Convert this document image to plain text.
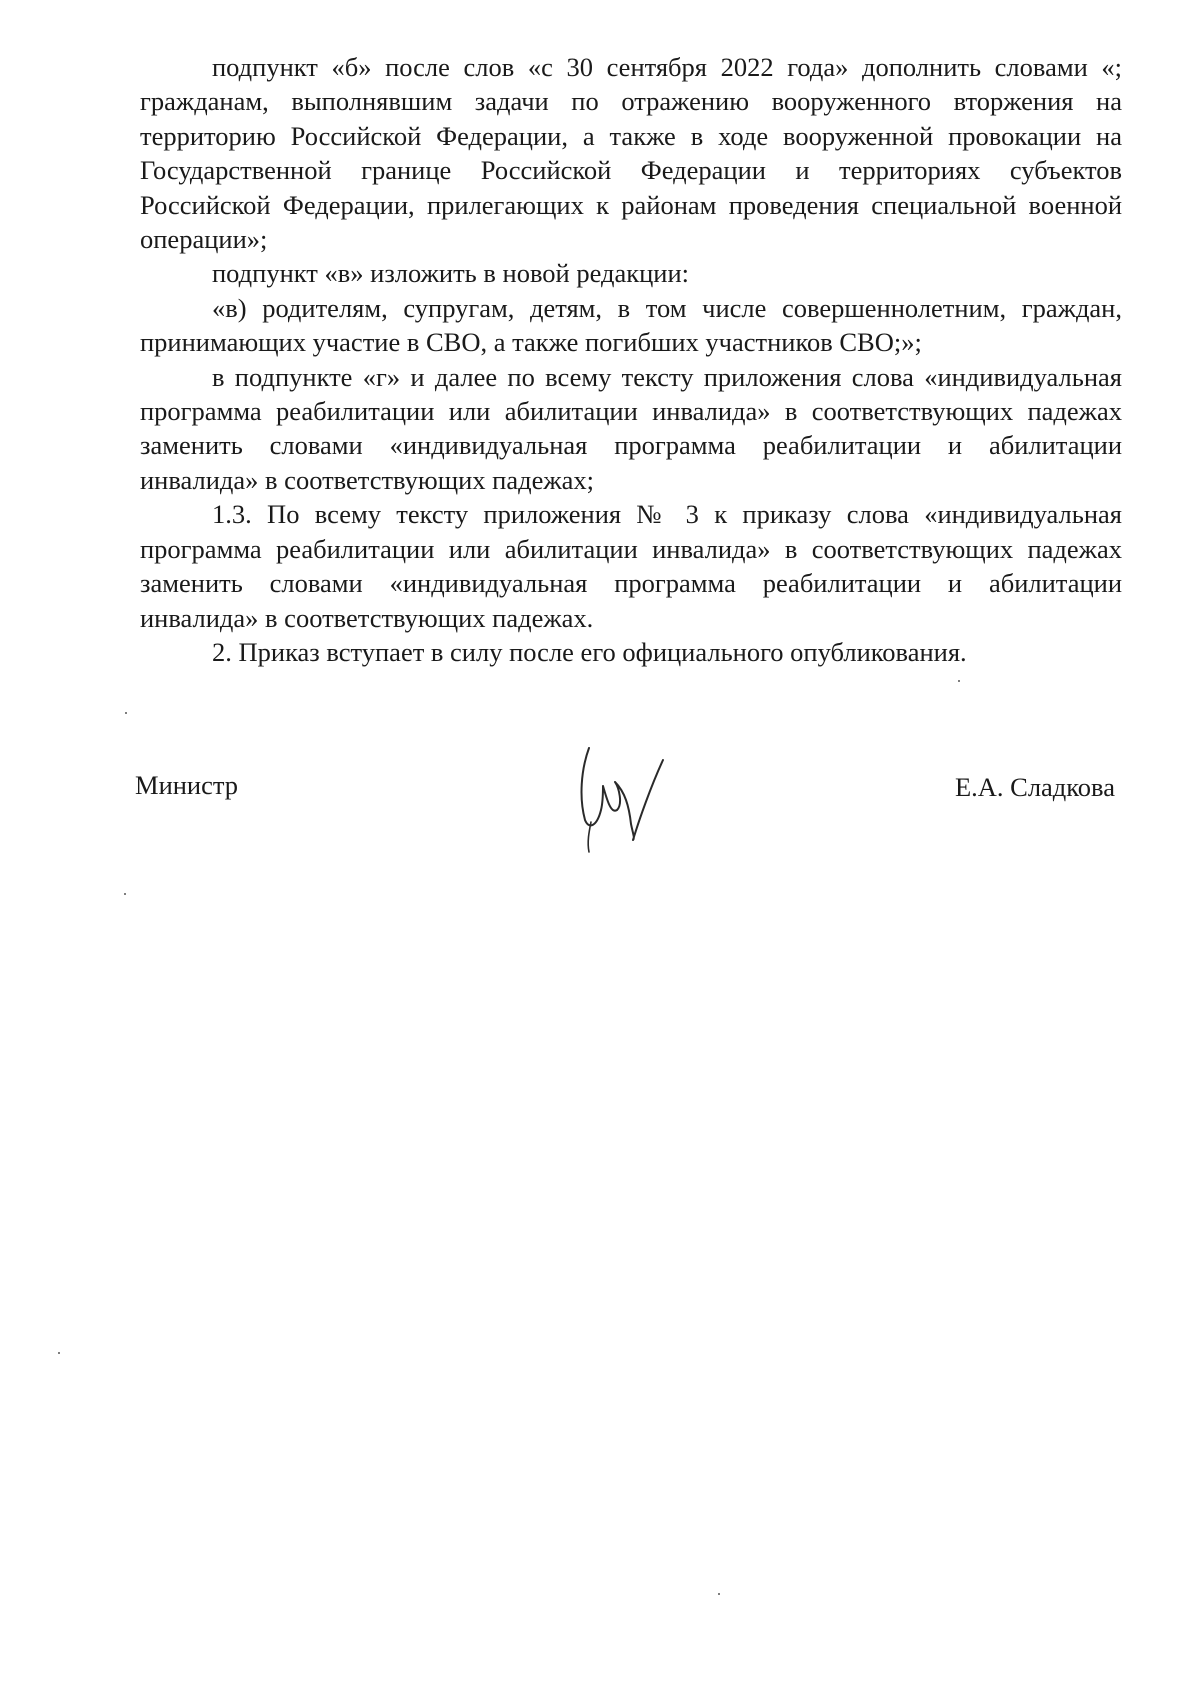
подпункт «б» после слов «с 30 сентября 2022 года» дополнить словами «; гражданам, выполнявшим задачи по отражению вооруженного вторжения на территорию Российской Федерации, а также в ходе вооруженной провокации на Государственной границе Российской Федерации и территориях субъектов Российской Федерации, прилегающих к районам проведения специальной военной операции»;

подпункт «в» изложить в новой редакции:

«в) родителям, супругам, детям, в том числе совершеннолетним, граждан, принимающих участие в СВО, а также погибших участников СВО;»;

в подпункте «г» и далее по всему тексту приложения слова «индивидуальная программа реабилитации или абилитации инвалида» в соответствующих падежах заменить словами «индивидуальная программа реабилитации и абилитации инвалида» в соответствующих падежах;

1.3. По всему тексту приложения № 3 к приказу слова «индивидуальная программа реабилитации или абилитации инвалида» в соответствующих падежах заменить словами «индивидуальная программа реабилитации и абилитации инвалида» в соответствующих падежах.

2. Приказ вступает в силу после его официального опубликования.

Министр	Е.А. Сладкова
